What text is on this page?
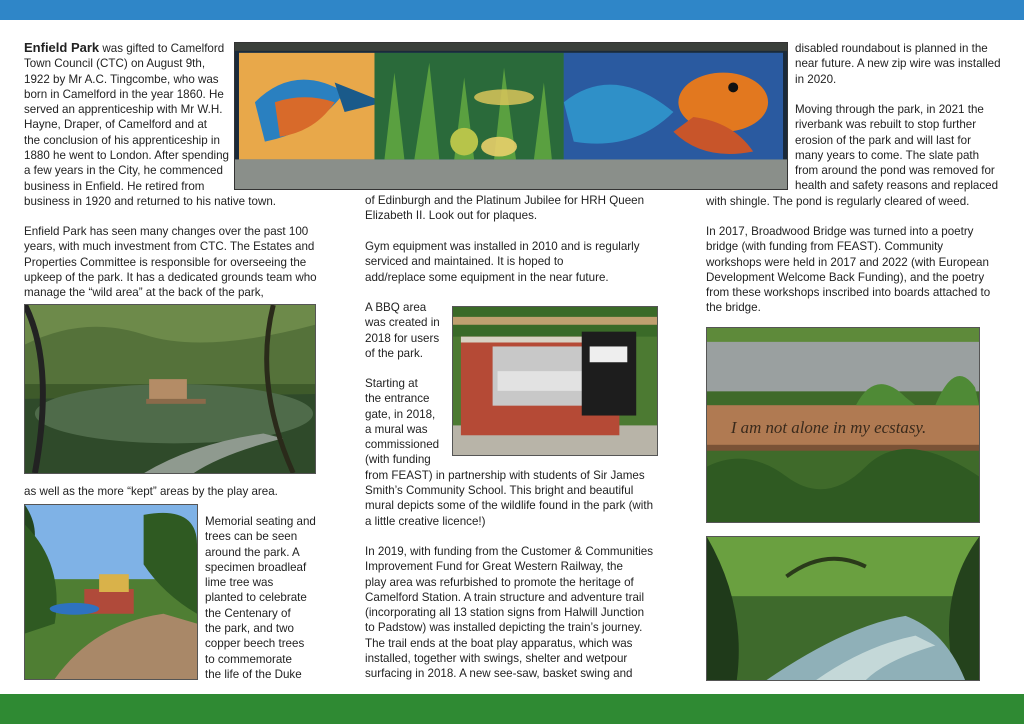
Enfield Park was gifted to Camelford
Town Council (CTC) on August 9th,
1922 by Mr A.C. Tingcombe, who was
born in Camelford in the year 1860. He
served an apprenticeship with Mr W.H.
Hayne, Draper, of Camelford and at
the conclusion of his apprenticeship in
1880 he went to London. After spending
a few years in the City, he commenced
business in Enfield. He retired from
business in 1920 and returned to his native town.
Enfield Park has seen many changes over the past 100
years, with much investment from CTC. The Estates and
Properties Committee is responsible for overseeing the
upkeep of the park. It has a dedicated grounds team who
manage the “wild area” at the back of the park,
as well as the more “kept” areas by the play area.
Memorial seating and
trees can be seen
around the park. A
specimen broadleaf
lime tree was
planted to celebrate
the Centenary of
the park, and two
copper beech trees
to commemorate
the life of the Duke
of Edinburgh and the Platinum Jubilee for HRH Queen
Elizabeth II. Look out for plaques.
Gym equipment was installed in 2010 and is regularly
serviced and maintained. It is hoped to
add/replace some equipment in the near future.
A BBQ area
was created in
2018 for users
of the park.
Starting at
the entrance
gate, in 2018,
a mural was
commissioned
(with funding
from FEAST) in partnership with students of Sir James
Smith’s Community School. This bright and beautiful
mural depicts some of the wildlife found in the park (with
a little creative licence!)
In 2019, with funding from the Customer & Communities
Improvement Fund for Great Western Railway, the
play area was refurbished to promote the heritage of
Camelford Station. A train structure and adventure trail
(incorporating all 13 station signs from Halwill Junction
to Padstow) was installed depicting the train’s journey.
The trail ends at the boat play apparatus, which was
installed, together with swings, shelter and wetpour
surfacing in 2018. A new see-saw, basket swing and
disabled roundabout is planned in the
near future. A new zip wire was installed
in 2020.
Moving through the park, in 2021 the
riverbank was rebuilt to stop further
erosion of the park and will last for
many years to come. The slate path
from around the pond was removed for
health and safety reasons and replaced
with shingle. The pond is regularly cleared of weed.
In 2017, Broadwood Bridge was turned into a poetry
bridge (with funding from FEAST). Community
workshops were held in 2017 and 2022 (with European
Development Welcome Back Funding), and the poetry
from these workshops inscribed into boards attached to
the bridge.
I am not alone in my ecstasy.
